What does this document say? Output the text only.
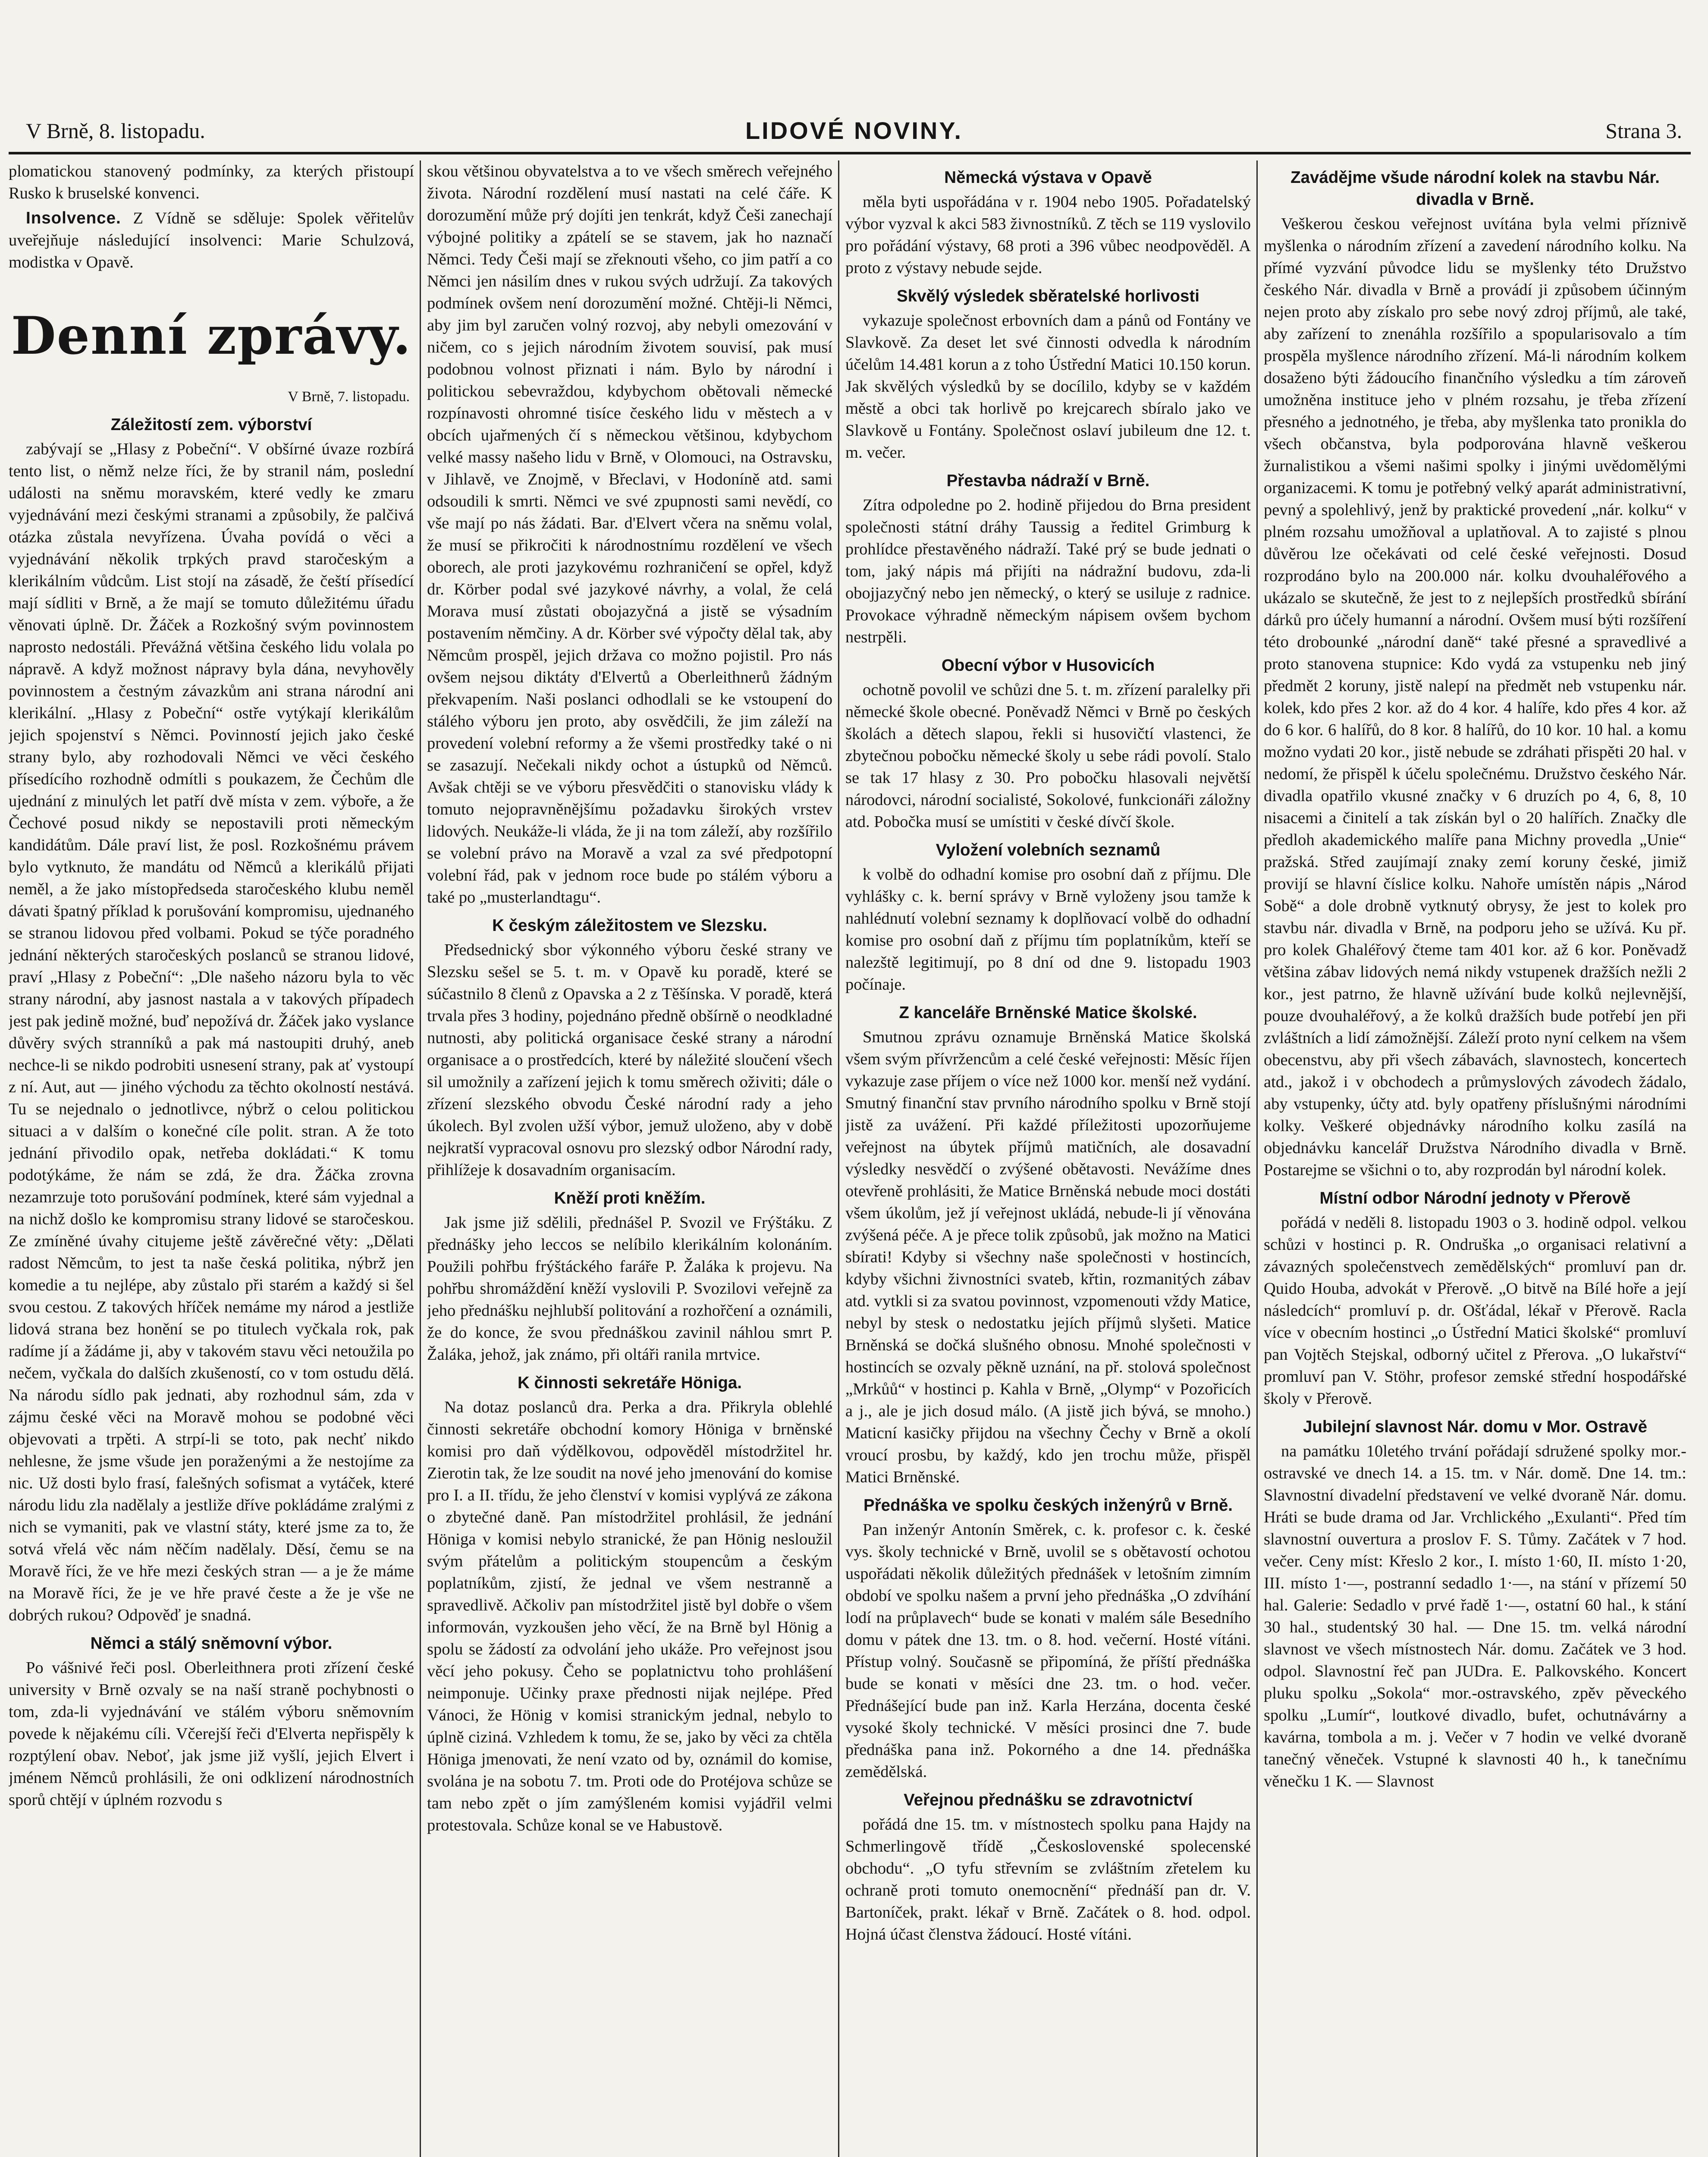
V Brně, 8. listopadu.	LIDOVÉ NOVINY.	Strana 3.

plomatickou stanovený podmínky, za kterých přistoupí Rusko k bruselské konvenci.

Insolvence. Z Vídně se sděluje: Spolek věřitelův uveřejňuje následující insolvenci: Marie Schulzová, modistka v Opavě.

Denní zprávy.
V Brně, 7. listopadu.

Záležitostí zem. výborství

zabývají se „Hlasy z Pobeční“. V obšírné úvaze rozbírá tento list, o němž nelze říci, že by stranil nám, poslední události na sněmu moravském, které vedly ke zmaru vyjednávání mezi českými stranami a způsobily, že palčivá otázka zůstala nevyřízena. Úvaha povídá o věci a vyjednávání několik trpkých pravd staročeským a klerikálním vůdcům. List stojí na zásadě, že čeští přísedící mají sídliti v Brně, a že mají se tomuto důležitému úřadu věnovati úplně. Dr. Žáček a Rozkošný svým povinnostem naprosto nedostáli. Převážná většina českého lidu volala po nápravě. A když možnost nápravy byla dána, nevyhověly povinnostem a čestným závazkům ani strana národní ani klerikální. „Hlasy z Pobeční“ ostře vytýkají klerikálům jejich spojenství s Němci. Povinností jejich jako české strany bylo, aby rozhodovali Němci ve věci českého přísedícího rozhodně odmítli s poukazem, že Čechům dle ujednání z minulých let patří dvě místa v zem. výboře, a že Čechové posud nikdy se nepostavili proti německým kandidátům. Dále praví list, že posl. Rozkošnému právem bylo vytknuto, že mandátu od Němců a klerikálů přijati neměl, a že jako místopředseda staročeského klubu neměl dávati špatný příklad k porušování kompromisu, ujednaného se stranou lidovou před volbami. Pokud se týče poradného jednání některých staročeských poslanců se stranou lidové, praví „Hlasy z Pobeční“: „Dle našeho názoru byla to věc strany národní, aby jasnost nastala a v takových případech jest pak jedině možné, buď nepožívá dr. Žáček jako vyslance důvěry svých stranníků a pak má nastoupiti druhý, aneb nechce-li se nikdo podrobiti usnesení strany, pak ať vystoupí z ní. Aut, aut — jiného východu za těchto okolností nestává. Tu se nejednalo o jednotlivce, nýbrž o celou politickou situaci a v dalším o konečné cíle polit. stran. A že toto jednání přivodilo opak, netřeba dokládati.“ K tomu podotýkáme, že nám se zdá, že dra. Žáčka zrovna nezamrzuje toto porušování podmínek, které sám vyjednal a na nichž došlo ke kompromisu strany lidové se staročeskou. Ze zmíněné úvahy citujeme ještě závěrečné věty: „Dělati radost Němcům, to jest ta naše česká politika, nýbrž jen komedie a tu nejlépe, aby zůstalo při starém a každý si šel svou cestou. Z takových hříček nemáme my národ a jestliže lidová strana bez honění se po titulech vyčkala rok, pak radíme jí a žádáme ji, aby v takovém stavu věci netoužila po nečem, vyčkala do dalších zkušeností, co v tom ostudu dělá. Na národu sídlo pak jednati, aby rozhodnul sám, zda v zájmu české věci na Moravě mohou se podobné věci objevovati a trpěti. A strpí-li se toto, pak nechť nikdo nehlesne, že jsme všude jen poraženými a že nestojíme za nic. Už dosti bylo frasí, falešných sofismat a vytáček, které národu lidu zla nadělaly a jestliže dříve pokládáme zralými z nich se vymaniti, pak ve vlastní státy, které jsme za to, že sotvá vřelá věc nám něčím nadělaly. Děsí, čemu se na Moravě říci, že ve hře mezi českých stran — a je že máme na Moravě říci, že je ve hře pravé česte a že je vše ne dobrých rukou? Odpověď je snadná.

Němci a stálý sněmovní výbor.

Po vášnivé řeči posl. Oberleithnera proti zřízení české university v Brně ozvaly se na naší straně pochybnosti o tom, zda-li vyjednávání ve stálém výboru sněmovním povede k nějakému cíli. Včerejší řeči d'Elverta nepřispěly k rozptýlení obav. Neboť, jak jsme již vyšlí, jejich Elvert i jménem Němců prohlásili, že oni odklizení národnostních sporů chtějí v úplném rozvodu s

skou většinou obyvatelstva a to ve všech směrech veřejného života. Národní rozdělení musí nastati na celé čáře. K dorozumění může prý dojíti jen tenkrát, když Češi zanechají výbojné politiky a zpátelí se se stavem, jak ho naznačí Němci. Tedy Češi mají se zřeknouti všeho, co jim patří a co Němci jen násilím dnes v rukou svých udržují. Za takových podmínek ovšem není dorozumění možné. Chtěji-li Němci, aby jim byl zaručen volný rozvoj, aby nebyli omezování v ničem, co s jejich národním životem souvisí, pak musí podobnou volnost přiznati i nám. Bylo by národní i politickou sebevraždou, kdybychom obětovali německé rozpínavosti ohromné tisíce českého lidu v městech a v obcích ujařmených čí s německou většinou, kdybychom velké massy našeho lidu v Brně, v Olomouci, na Ostravsku, v Jihlavě, ve Znojmě, v Břeclavi, v Hodoníně atd. sami odsoudili k smrti. Němci ve své zpupnosti sami nevědí, co vše mají po nás žádati. Bar. d'Elvert včera na sněmu volal, že musí se přikročiti k národnostnímu rozdělení ve všech oborech, ale proti jazykovému rozhraničení se opřel, když dr. Körber podal své jazykové návrhy, a volal, že celá Morava musí zůstati obojazyčná a jistě se výsadním postavením němčiny. A dr. Körber své výpočty dělal tak, aby Němcům prospěl, jejich država co možno pojistil. Pro nás ovšem nejsou diktáty d'Elvertů a Oberleithnerů žádným překvapením. Naši poslanci odhodlali se ke vstoupení do stálého výboru jen proto, aby osvědčili, že jim záleží na provedení volební reformy a že všemi prostředky také o ni se zasazují. Nečekali nikdy ochot a ústupků od Němců. Avšak chtěji se ve výboru přesvědčiti o stanovisku vlády k tomuto nejopravněnějšímu požadavku širokých vrstev lidových. Neukáže-li vláda, že ji na tom záleží, aby rozšířilo se volební právo na Moravě a vzal za své předpotopní volební řád, pak v jednom roce bude po stálém výboru a také po „musterlandtagu“.

K českým záležitostem ve Slezsku.

Předsednický sbor výkonného výboru české strany ve Slezsku sešel se 5. t. m. v Opavě ku poradě, které se súčastnilo 8 členů z Opavska a 2 z Těšínska. V poradě, která trvala přes 3 hodiny, pojednáno předně obšírně o neodkladné nutnosti, aby politická organisace české strany a národní organisace a o prostředcích, které by náležité sloučení všech sil umožnily a zařízení jejich k tomu směrech oživiti; dále o zřízení slezského obvodu České národní rady a jeho úkolech. Byl zvolen užší výbor, jemuž uloženo, aby v době nejkratší vypracoval osnovu pro slezský odbor Národní rady, přihlížeje k dosavadním organisacím.

Kněží proti kněžím.

Jak jsme již sdělili, přednášel P. Svozil ve Frýštáku. Z přednášky jeho leccos se nelíbilo klerikálním kolonáním. Použili pohřbu frýštáckého faráře P. Žaláka k projevu. Na pohřbu shromáždění kněží vyslovili P. Svozilovi veřejně za jeho přednášku nejhlubší politování a rozhořčení a oznámili, že do konce, že svou přednáškou zavinil náhlou smrt P. Žaláka, jehož, jak známo, při oltáři ranila mrtvice.

K činnosti sekretáře Höniga.

Na dotaz poslanců dra. Perka a dra. Přikryla oblehlé činnosti sekretáře obchodní komory Höniga v brněnské komisi pro daň výdělkovou, odpověděl místodržitel hr. Zierotin tak, že lze soudit na nové jeho jmenování do komise pro I. a II. třídu, že jeho členství v komisi vyplývá ze zákona o zbytečné daně. Pan místodržitel prohlásil, že jednání Höniga v komisi nebylo stranické, že pan Hönig nesloužil svým přátelům a politickým stoupencům a českým poplatníkům, zjistí, že jednal ve všem nestranně a spravedlivě. Ačkoliv pan místodržitel jistě byl dobře o všem informován, vyzkoušen jeho věcí, že na Brně byl Hönig a spolu se žádostí za odvolání jeho ukáže. Pro veřejnost jsou věcí jeho pokusy. Čeho se poplatnictvu toho prohlášení neimponuje. Učinky praxe přednosti nijak nejlépe. Před Vánoci, že Hönig v komisi stranickým jednal, nebylo to úplně ciziná. Vzhledem k tomu, že se, jako by věci za chtěla Höniga jmenovati, že není vzato od by, oznámil do komise, svolána je na sobotu 7. tm. Proti ode do Protéjova schůze se tam nebo zpět o jím zamýšleném komisi vyjádřil velmi protestovala. Schůze konal se ve Habustově.

Německá výstava v Opavě

měla byti uspořádána v r. 1904 nebo 1905. Pořadatelský výbor vyzval k akci 583 živnostníků. Z těch se 119 vyslovilo pro pořádání výstavy, 68 proti a 396 vůbec neodpověděl. A proto z výstavy nebude sejde.

Skvělý výsledek sběratelské horlivosti

vykazuje společnost erbovních dam a pánů od Fontány ve Slavkově. Za deset let své činnosti odvedla k národním účelům 14.481 korun a z toho Ústřední Matici 10.150 korun. Jak skvělých výsledků by se docílilo, kdyby se v každém městě a obci tak horlivě po krejcarech sbíralo jako ve Slavkově u Fontány. Společnost oslaví jubileum dne 12. t. m. večer.

Přestavba nádraží v Brně.

Zítra odpoledne po 2. hodině přijedou do Brna president společnosti státní dráhy Taussig a ředitel Grimburg k prohlídce přestavěného nádraží. Také prý se bude jednati o tom, jaký nápis má přijíti na nádražní budovu, zda-li obojjazyčný nebo jen německý, o který se usiluje z radnice. Provokace výhradně německým nápisem ovšem bychom nestrpěli.

Obecní výbor v Husovicích

ochotně povolil ve schůzi dne 5. t. m. zřízení paralelky při německé škole obecné. Poněvadž Němci v Brně po českých školách a dětech slapou, řekli si husovičtí vlastenci, že zbytečnou pobočku německé školy u sebe rádi povolí. Stalo se tak 17 hlasy z 30. Pro pobočku hlasovali největší národovci, národní socialisté, Sokolové, funkcionáři záložny atd. Pobočka musí se umístiti v české dívčí škole.

Vyložení volebních seznamů

k volbě do odhadní komise pro osobní daň z příjmu. Dle vyhlášky c. k. berní správy v Brně vyloženy jsou tamže k nahlédnutí volební seznamy k doplňovací volbě do odhadní komise pro osobní daň z příjmu tím poplatníkům, kteří se nalezště legitimují, po 8 dní od dne 9. listopadu 1903 počínaje.

Z kanceláře Brněnské Matice školské.

Smutnou zprávu oznamuje Brněnská Matice školská všem svým přívržencům a celé české veřejnosti: Měsíc říjen vykazuje zase příjem o více než 1000 kor. menší než vydání. Smutný finanční stav prvního národního spolku v Brně stojí jistě za uvážení. Při každé příležitosti upozorňujeme veřejnost na úbytek příjmů matičních, ale dosavadní výsledky nesvědčí o zvýšené obětavosti. Nevážíme dnes otevřeně prohlásiti, že Matice Brněnská nebude moci dostáti všem úkolům, jež jí veřejnost ukládá, nebude-li jí věnována zvýšená péče. A je přece tolik způsobů, jak možno na Matici sbírati! Kdyby si všechny naše společnosti v hostincích, kdyby všichni živnostníci svateb, křtin, rozmanitých zábav atd. vytkli si za svatou povinnost, vzpomenouti vždy Matice, nebyl by stesk o nedostatku jejích příjmů slyšeti. Matice Brněnská se dočká slušného obnosu. Mnohé společnosti v hostincích se ozvaly pěkně uznání, na př. stolová společnost „Mrkůů“ v hostinci p. Kahla v Brně, „Olymp“ v Pozořicích a j., ale je jich dosud málo. (A jistě jich bývá, se mnoho.) Maticní kasičky přijdou na všechny Čechy v Brně a okolí vroucí prosbu, by každý, kdo jen trochu může, přispěl Matici Brněnské.

Přednáška ve spolku českých inženýrů v Brně.

Pan inženýr Antonín Směrek, c. k. profesor c. k. české vys. školy technické v Brně, uvolil se s obětavostí ochotou uspořádati několik důležitých přednášek v letošním zimním období ve spolku našem a první jeho přednáška „O zdvíhání lodí na průplavech“ bude se konati v malém sále Besedního domu v pátek dne 13. tm. o 8. hod. večerní. Hosté vítáni. Přístup volný. Současně se připomíná, že příští přednáška bude se konati v měsíci dne 23. tm. o hod. večer. Přednášející bude pan inž. Karla Herzána, docenta české vysoké školy technické. V měsíci prosinci dne 7. bude přednáška pana inž. Pokorného a dne 14. přednáška zemědělská.

Veřejnou přednášku se zdravotnictví

pořádá dne 15. tm. v místnostech spolku pana Hajdy na Schmerlingově třídě „Československé spolecenské obchodu“. „O tyfu střevním se zvláštním zřetelem ku ochraně proti tomuto onemocnění“ přednáší pan dr. V. Bartoníček, prakt. lékař v Brně. Začátek o 8. hod. odpol. Hojná účast členstva žádoucí. Hosté vítáni.

Zavádějme všude národní kolek na stavbu Nár. divadla v Brně.

Veškerou českou veřejnost uvítána byla velmi příznivě myšlenka o národním zřízení a zavedení národního kolku. Na přímé vyzvání původce lidu se myšlenky této Družstvo českého Nár. divadla v Brně a provádí ji způsobem účinným nejen proto aby získalo pro sebe nový zdroj příjmů, ale také, aby zařízení to znenáhla rozšířilo a spopularisovalo a tím prospěla myšlence národního zřízení. Má-li národním kolkem dosaženo býti žádoucího finančního výsledku a tím zároveň umožněna instituce jeho v plném rozsahu, je třeba zřízení přesného a jednotného, je třeba, aby myšlenka tato pronikla do všech občanstva, byla podporována hlavně veškerou žurnalistikou a všemi našimi spolky i jinými uvědomělými organizacemi. K tomu je potřebný velký aparát administrativní, pevný a spolehlivý, jenž by praktické provedení „nár. kolku“ v plném rozsahu umožňoval a uplatňoval. A to zajisté s plnou důvěrou lze očekávati od celé české veřejnosti. Dosud rozprodáno bylo na 200.000 nár. kolku dvouhaléřového a ukázalo se skutečně, že jest to z nejlepších prostředků sbírání dárků pro účely humanní a národní. Ovšem musí býti rozšíření této drobounké „národní daně“ také přesné a spravedlivé a proto stanovena stupnice: Kdo vydá za vstupenku neb jiný předmět 2 koruny, jistě nalepí na předmět neb vstupenku nár. kolek, kdo přes 2 kor. až do 4 kor. 4 halíře, kdo přes 4 kor. až do 6 kor. 6 halířů, do 8 kor. 8 halířů, do 10 kor. 10 hal. a komu možno vydati 20 kor., jistě nebude se zdráhati přispěti 20 hal. v nedomí, že přispěl k účelu společnému. Družstvo českého Nár. divadla opatřilo vkusné značky v 6 druzích po 4, 6, 8, 10 nisacemi a činitelí a tak získán byl o 20 halířích. Značky dle předloh akademického malíře pana Michny provedla „Unie“ pražská. Střed zaujímají znaky zemí koruny české, jimiž provijí se hlavní číslice kolku. Nahoře umístěn nápis „Národ Sobě“ a dole drobně vytknutý obrysy, že jest to kolek pro stavbu nár. divadla v Brně, na podporu jeho se užívá. Ku př. pro kolek Ghaléřový čteme tam 401 kor. až 6 kor. Poněvadž většina zábav lidových nemá nikdy vstupenek dražších nežli 2 kor., jest patrno, že hlavně užívání bude kolků nejlevnější, pouze dvouhaléřový, a že kolků dražších bude potřebí jen při zvláštních a lidí zámožnější. Záleží proto nyní celkem na všem obecenstvu, aby při všech zábavách, slavnostech, koncertech atd., jakož i v obchodech a průmyslových závodech žádalo, aby vstupenky, účty atd. byly opatřeny příslušnými národními kolky. Veškeré objednávky národního kolku zasílá na objednávku kancelář Družstva Národního divadla v Brně. Postarejme se všichni o to, aby rozprodán byl národní kolek.

Místní odbor Národní jednoty v Přerově

pořádá v neděli 8. listopadu 1903 o 3. hodině odpol. velkou schůzi v hostinci p. R. Ondruška „o organisaci relativní a závazných společenstvech zemědělských“ promluví pan dr. Quido Houba, advokát v Přerově. „O bitvě na Bílé hoře a její následcích“ promluví p. dr. Ošťádal, lékař v Přerově. Racla více v obecním hostinci „o Ústřední Matici školské“ promluví pan Vojtěch Stejskal, odborný učitel z Přerova. „O lukařství“ promluví pan V. Stöhr, profesor zemské střední hospodářské školy v Přerově.

Jubilejní slavnost Nár. domu v Mor. Ostravě

na památku 10letého trvání pořádají sdružené spolky mor.-ostravské ve dnech 14. a 15. tm. v Nár. domě. Dne 14. tm.: Slavnostní divadelní představení ve velké dvoraně Nár. domu. Hráti se bude drama od Jar. Vrchlického „Exulanti“. Před tím slavnostní ouvertura a proslov F. S. Tůmy. Začátek v 7 hod. večer. Ceny míst: Křeslo 2 kor., I. místo 1·60, II. místo 1·20, III. místo 1·—, postranní sedadlo 1·—, na stání v přízemí 50 hal. Galerie: Sedadlo v prvé řadě 1·—, ostatní 60 hal., k stání 30 hal., studentský 30 hal. — Dne 15. tm. velká národní slavnost ve všech místnostech Nár. domu. Začátek ve 3 hod. odpol. Slavnostní řeč pan JUDra. E. Palkovského. Koncert pluku spolku „Sokola“ mor.-ostravského, zpěv pěveckého spolku „Lumír“, loutkové divadlo, bufet, ochutnávárny a kavárna, tombola a m. j. Večer v 7 hodin ve velké dvoraně tanečný věneček. Vstupné k slavnosti 40 h., k tanečnímu věnečku 1 K. — Slavnost
